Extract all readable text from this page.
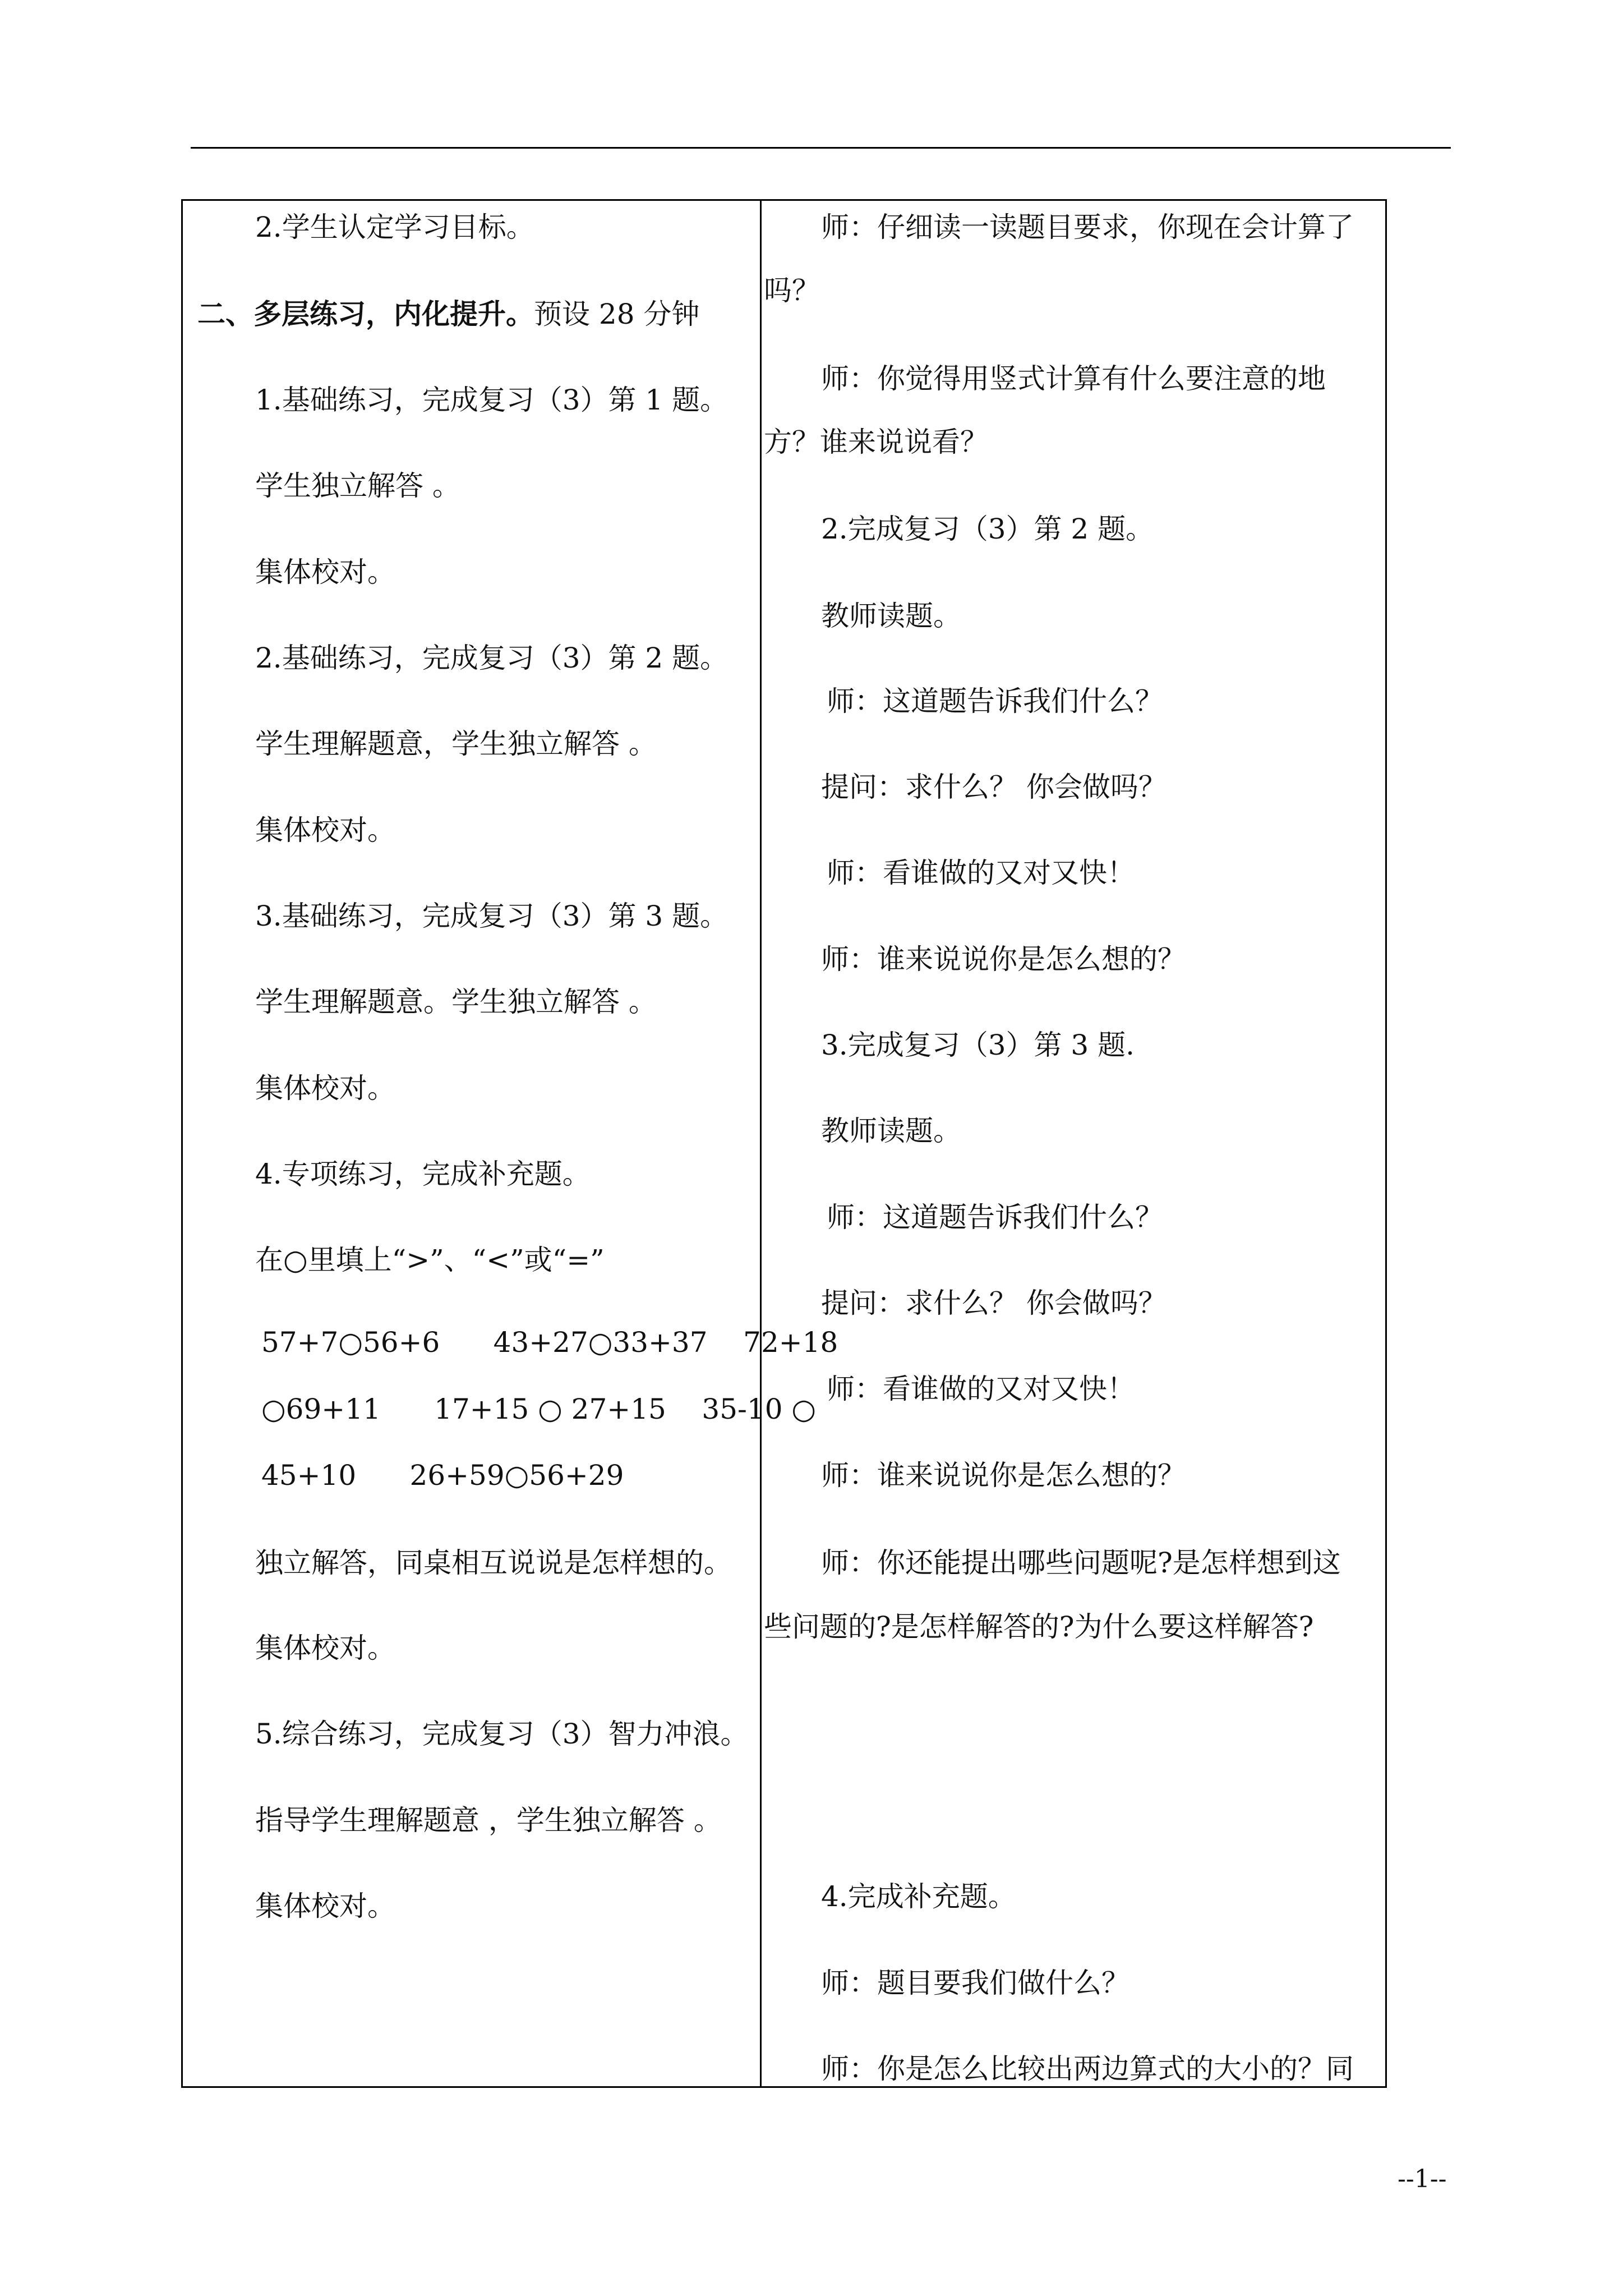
2.学生认定学习目标。
二、多层练习，内化提升。预设 28 分钟
1.基础练习，完成复习（3）第 1 题。
学生独立解答 。
集体校对。
2.基础练习，完成复习（3）第 2 题。
学生理解题意，学生独立解答 。
集体校对。
3.基础练习，完成复习（3）第 3 题。
学生理解题意。学生独立解答 。
集体校对。
4.专项练习，完成补充题。
在○里填上“>”、“<”或“=”
57+7○56+6      43+27○33+37    72+18
○69+11      17+15 ○ 27+15    35-10 ○
45+10      26+59○56+29
独立解答，同桌相互说说是怎样想的。
集体校对。
5.综合练习，完成复习（3）智力冲浪。
指导学生理解题意 ，学生独立解答 。
集体校对。
师：仔细读一读题目要求，你现在会计算了
吗？
师：你觉得用竖式计算有什么要注意的地
方？谁来说说看？
2.完成复习（3）第 2 题。
教师读题。
师：这道题告诉我们什么？
提问：求什么？ 你会做吗？
师：看谁做的又对又快！
师：谁来说说你是怎么想的？
3.完成复习（3）第 3 题.
教师读题。
师：这道题告诉我们什么？
提问：求什么？ 你会做吗？
师：看谁做的又对又快！
师：谁来说说你是怎么想的？
师：你还能提出哪些问题呢?是怎样想到这
些问题的?是怎样解答的?为什么要这样解答?
4.完成补充题。
师：题目要我们做什么？
师：你是怎么比较出两边算式的大小的？同
--1--
